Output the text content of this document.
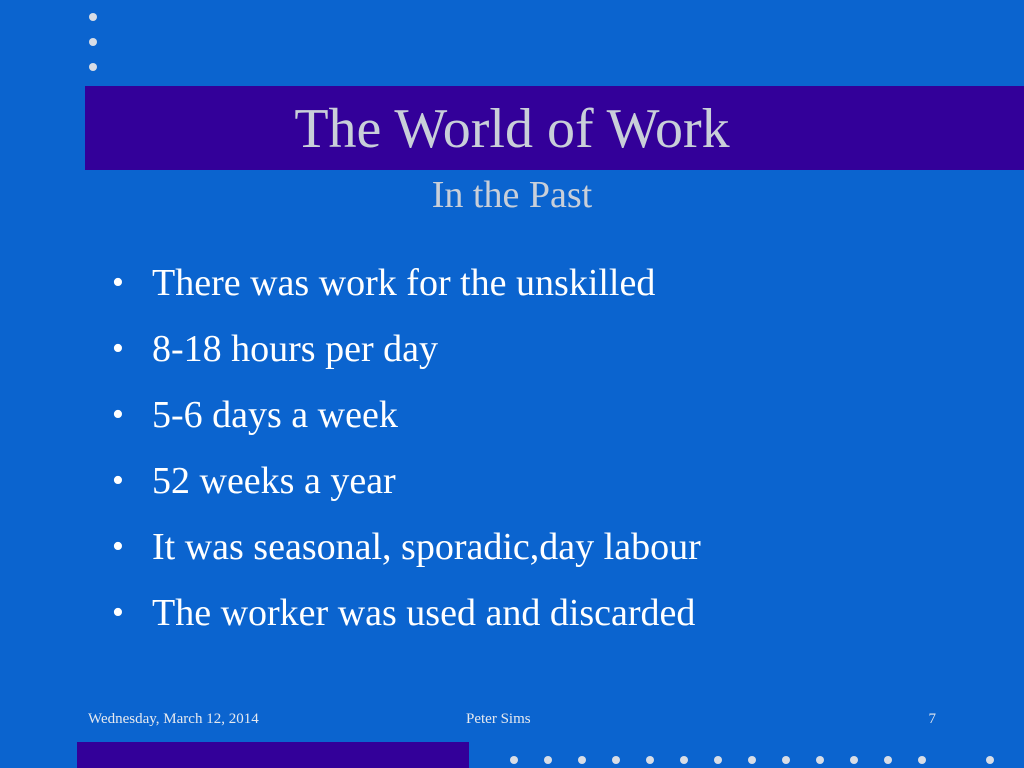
The World of Work
In the Past
• There was work for the unskilled
• 8-18 hours per day
• 5-6 days a week
• 52 weeks a year
• It was seasonal, sporadic,day labour
• The worker was used and discarded
Wednesday, March 12, 2014	Peter Sims	7
